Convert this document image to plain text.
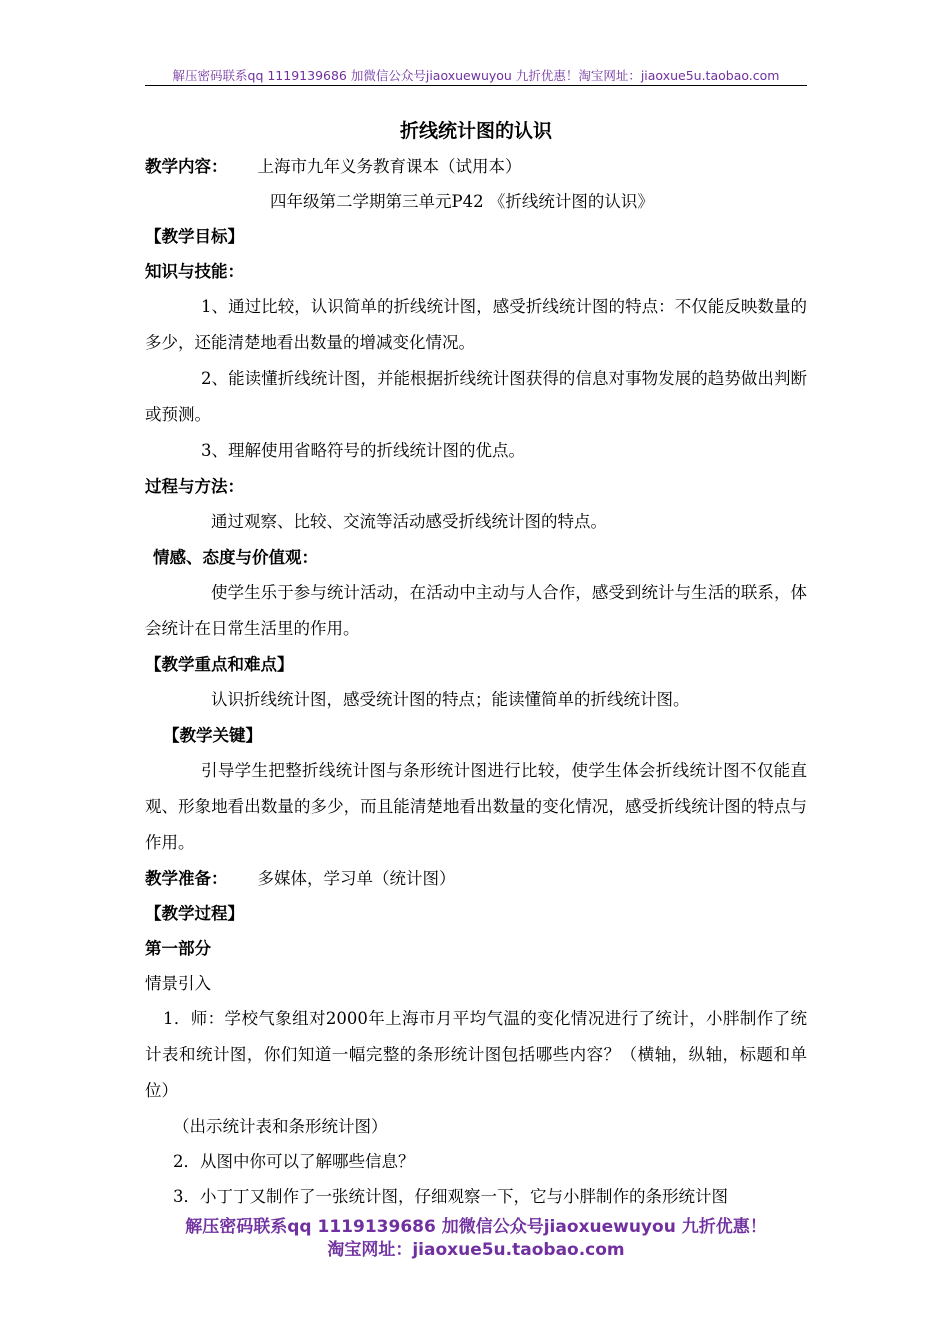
解压密码联系qq 1119139686 加微信公众号jiaoxuewuyou 九折优惠！淘宝网址：jiaoxue5u.taobao.com

折线统计图的认识

教学内容： 上海市九年义务教育课本（试用本）

四年级第二学期第三单元P42 《折线统计图的认识》

【教学目标】

知识与技能：

1、通过比较，认识简单的折线统计图，感受折线统计图的特点：不仅能反映数量的多少，还能清楚地看出数量的增减变化情况。

2、能读懂折线统计图，并能根据折线统计图获得的信息对事物发展的趋势做出判断或预测。

3、理解使用省略符号的折线统计图的优点。

过程与方法：

通过观察、比较、交流等活动感受折线统计图的特点。

情感、态度与价值观：

使学生乐于参与统计活动，在活动中主动与人合作，感受到统计与生活的联系，体会统计在日常生活里的作用。

【教学重点和难点】

认识折线统计图，感受统计图的特点；能读懂简单的折线统计图。

【教学关键】

引导学生把整折线统计图与条形统计图进行比较，使学生体会折线统计图不仅能直观、形象地看出数量的多少，而且能清楚地看出数量的变化情况，感受折线统计图的特点与作用。

教学准备： 多媒体，学习单（统计图）

【教学过程】

第一部分

情景引入

1．师：学校气象组对2000年上海市月平均气温的变化情况进行了统计，小胖制作了统计表和统计图，你们知道一幅完整的条形统计图包括哪些内容？（横轴，纵轴，标题和单位）

（出示统计表和条形统计图）

2．从图中你可以了解哪些信息？

3．小丁丁又制作了一张统计图，仔细观察一下，它与小胖制作的条形统计图

解压密码联系qq 1119139686 加微信公众号jiaoxuewuyou 九折优惠！
淘宝网址：jiaoxue5u.taobao.com
